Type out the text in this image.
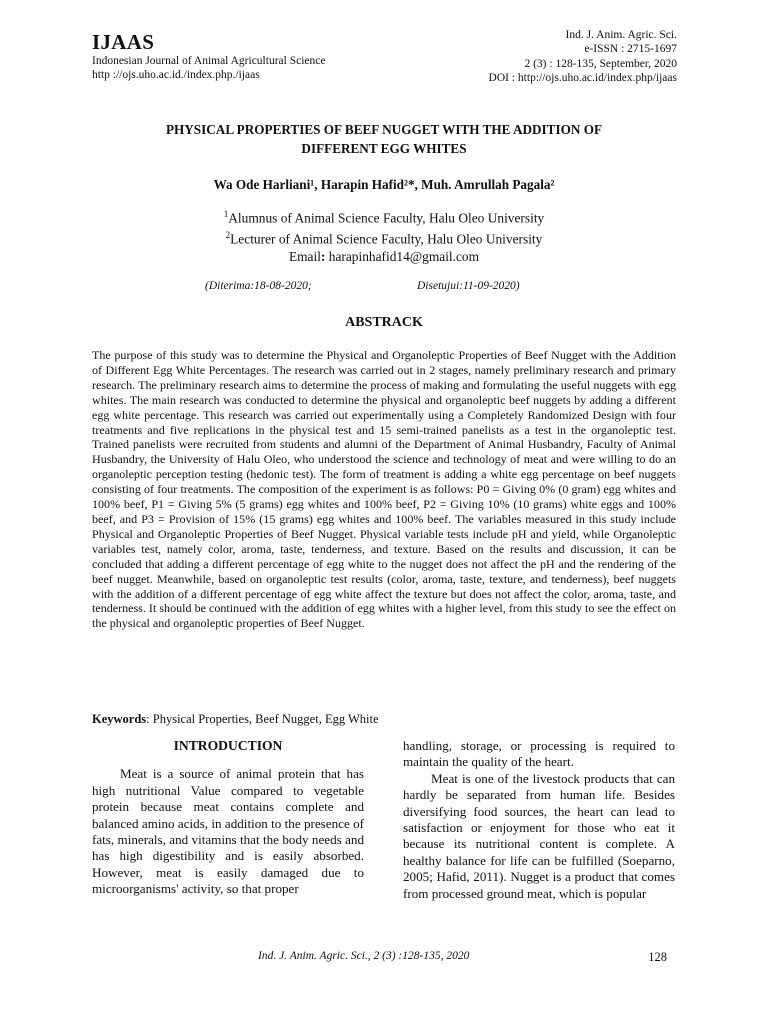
IJAAS
Indonesian Journal of Animal Agricultural Science
http ://ojs.uho.ac.id./index.php./ijaas
Ind. J. Anim. Agric. Sci.
e-ISSN : 2715-1697
2 (3) : 128-135, September, 2020
DOI : http://ojs.uho.ac.id/index.php/ijaas
PHYSICAL PROPERTIES OF BEEF NUGGET WITH THE ADDITION OF
DIFFERENT EGG WHITES
Wa Ode Harliani¹, Harapin Hafid²*, Muh. Amrullah Pagala²
$^1$Alumnus of Animal Science Faculty, Halu Oleo University
$^2$Lecturer of Animal Science Faculty, Halu Oleo University
Email: harapinhafid14@gmail.com
(Diterima:18-08-2020;	Disetujui:11-09-2020)
ABSTRACK

The purpose of this study was to determine the Physical and Organoleptic Properties of Beef Nugget with the Addition of Different Egg White Percentages. The research was carried out in 2 stages, namely preliminary research and primary research. The preliminary research aims to determine the process of making and formulating the useful nuggets with egg whites. The main research was conducted to determine the physical and organoleptic beef nuggets by adding a different egg white percentage. This research was carried out experimentally using a Completely Randomized Design with four treatments and five replications in the physical test and 15 semi-trained panelists as a test in the organoleptic test. Trained panelists were recruited from students and alumni of the Department of Animal Husbandry, Faculty of Animal Husbandry, the University of Halu Oleo, who understood the science and technology of meat and were willing to do an organoleptic perception testing (hedonic test). The form of treatment is adding a white egg percentage on beef nuggets consisting of four treatments. The composition of the experiment is as follows: P0 = Giving 0% (0 gram) egg whites and 100% beef, P1 = Giving 5% (5 grams) egg whites and 100% beef, P2 = Giving 10% (10 grams) white eggs and 100% beef, and P3 = Provision of 15% (15 grams) egg whites and 100% beef. The variables measured in this study include Physical and Organoleptic Properties of Beef Nugget. Physical variable tests include pH and yield, while Organoleptic variables test, namely color, aroma, taste, tenderness, and texture. Based on the results and discussion, it can be concluded that adding a different percentage of egg white to the nugget does not affect the pH and the rendering of the beef nugget. Meanwhile, based on organoleptic test results (color, aroma, taste, texture, and tenderness), beef nuggets with the addition of a different percentage of egg white affect the texture but does not affect the color, aroma, taste, and tenderness. It should be continued with the addition of egg whites with a higher level, from this study to see the effect on the physical and organoleptic properties of Beef Nugget.

Keywords: Physical Properties, Beef Nugget, Egg White
INTRODUCTION

Meat is a source of animal protein that has high nutritional Value compared to vegetable protein because meat contains complete and balanced amino acids, in addition to the presence of fats, minerals, and vitamins that the body needs and has high digestibility and is easily absorbed. However, meat is easily damaged due to microorganisms' activity, so that proper

handling, storage, or processing is required to maintain the quality of the heart.

Meat is one of the livestock products that can hardly be separated from human life. Besides diversifying food sources, the heart can lead to satisfaction or enjoyment for those who eat it because its nutritional content is complete. A healthy balance for life can be fulfilled (Soeparno, 2005; Hafid, 2011). Nugget is a product that comes from processed ground meat, which is popular

Ind. J. Anim. Agric. Sci., 2 (3) :128-135, 2020	128
